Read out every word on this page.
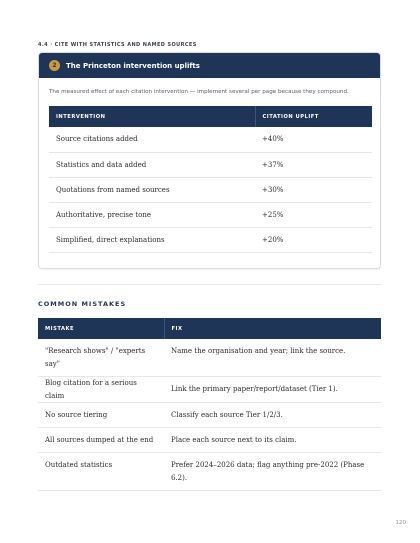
4.4 · CITE WITH STATISTICS AND NAMED SOURCES
2	The Princeton intervention uplifts
The measured effect of each citation intervention — implement several per page because they compound.
INTERVENTION	CITATION UPLIFT
Source citations added	+40%
Statistics and data added	+37%
Quotations from named sources	+30%
Authoritative, precise tone	+25%
Simplified, direct explanations	+20%
COMMON MISTAKES
MISTAKE	FIX
"Research shows" / "experts say"	Name the organisation and year; link the source.
Blog citation for a serious claim	Link the primary paper/report/dataset (Tier 1).
No source tiering	Classify each source Tier 1/2/3.
All sources dumped at the end	Place each source next to its claim.
Outdated statistics	Prefer 2024–2026 data; flag anything pre-2022 (Phase 6.2).
120
